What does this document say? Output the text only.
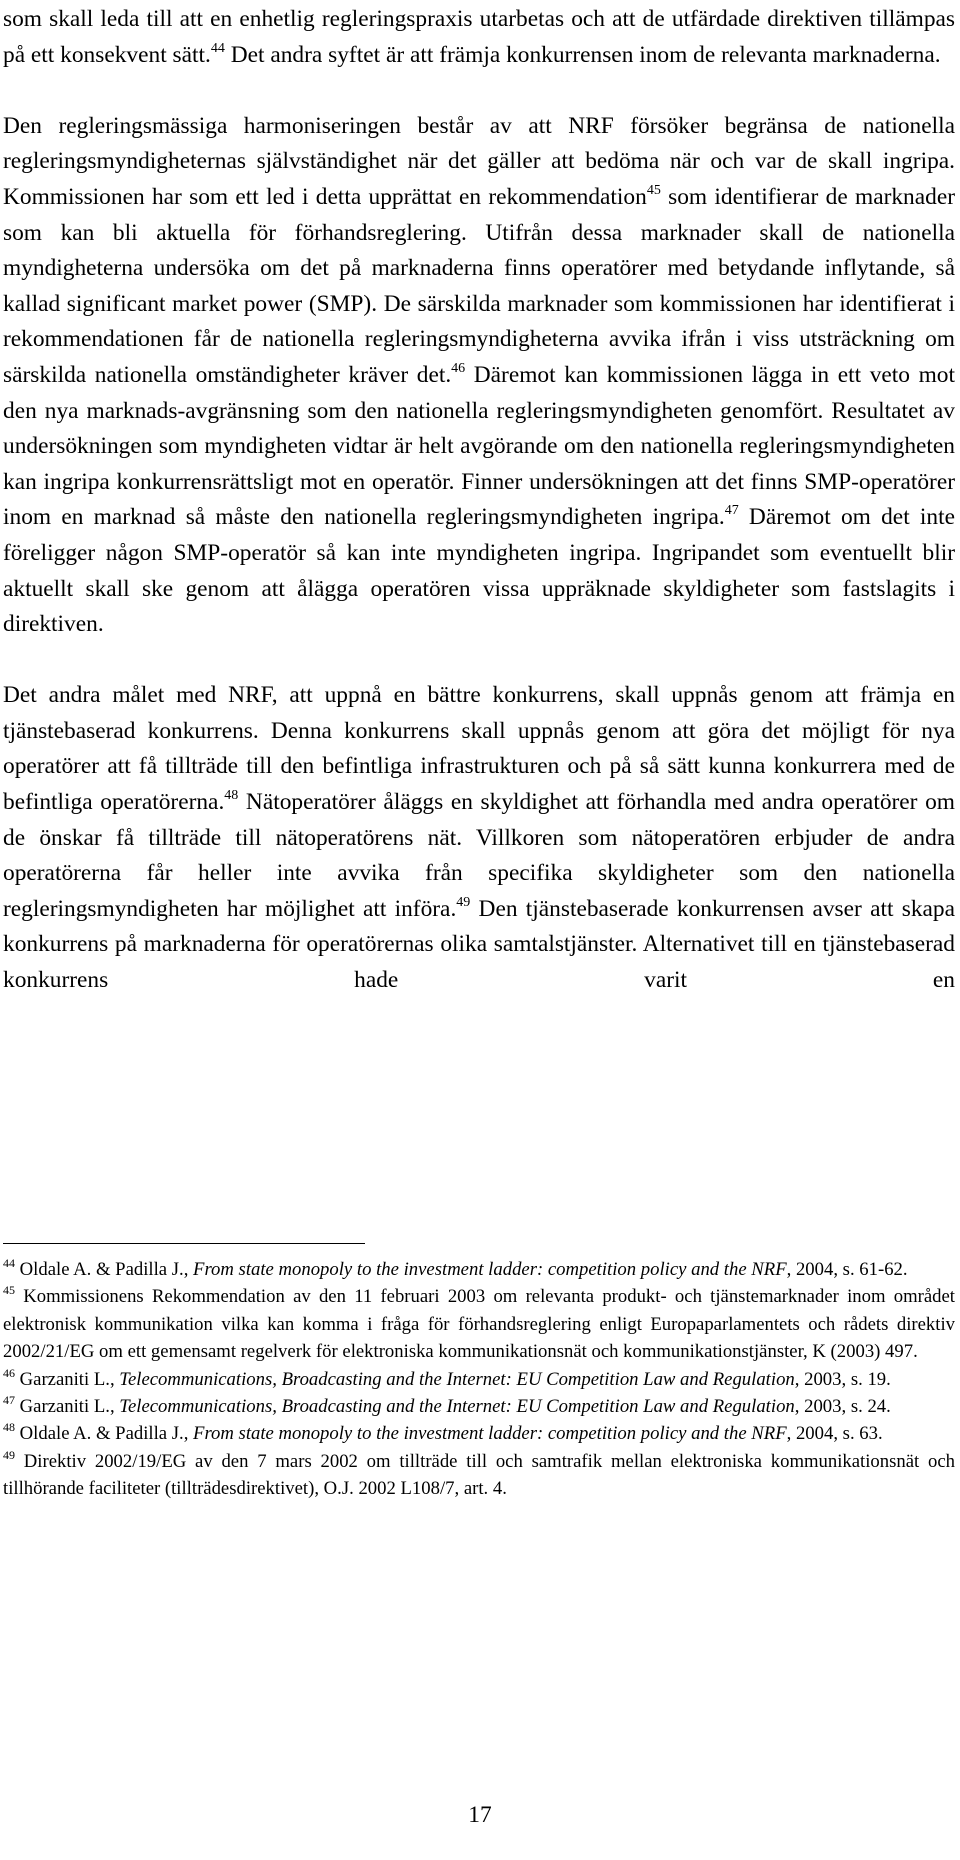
som skall leda till att en enhetlig regleringspraxis utarbetas och att de utfärdade direktiven tillämpas på ett konsekvent sätt.$^{44}$ Det andra syftet är att främja konkurrensen inom de relevanta marknaderna.

Den regleringsmässiga harmoniseringen består av att NRF försöker begränsa de nationella regleringsmyndigheternas självständighet när det gäller att bedöma när och var de skall ingripa. Kommissionen har som ett led i detta upprättat en rekommendation$^{45}$ som identifierar de marknader som kan bli aktuella för förhandsreglering. Utifrån dessa marknader skall de nationella myndigheterna undersöka om det på marknaderna finns operatörer med betydande inflytande, så kallad significant market power (SMP). De särskilda marknader som kommissionen har identifierat i rekommendationen får de nationella regleringsmyndigheterna avvika ifrån i viss utsträckning om särskilda nationella omständigheter kräver det.$^{46}$ Däremot kan kommissionen lägga in ett veto mot den nya marknads-avgränsning som den nationella regleringsmyndigheten genomfört. Resultatet av undersökningen som myndigheten vidtar är helt avgörande om den nationella regleringsmyndigheten kan ingripa konkurrensrättsligt mot en operatör. Finner undersökningen att det finns SMP-operatörer inom en marknad så måste den nationella regleringsmyndigheten ingripa.$^{47}$ Däremot om det inte föreligger någon SMP-operatör så kan inte myndigheten ingripa. Ingripandet som eventuellt blir aktuellt skall ske genom att ålägga operatören vissa uppräknade skyldigheter som fastslagits i direktiven.

Det andra målet med NRF, att uppnå en bättre konkurrens, skall uppnås genom att främja en tjänstebaserad konkurrens. Denna konkurrens skall uppnås genom att göra det möjligt för nya operatörer att få tillträde till den befintliga infrastrukturen och på så sätt kunna konkurrera med de befintliga operatörerna.$^{48}$ Nätoperatörer åläggs en skyldighet att förhandla med andra operatörer om de önskar få tillträde till nätoperatörens nät. Villkoren som nätoperatören erbjuder de andra operatörerna får heller inte avvika från specifika skyldigheter som den nationella regleringsmyndigheten har möjlighet att införa.$^{49}$ Den tjänstebaserade konkurrensen avser att skapa konkurrens på marknaderna för operatörernas olika samtalstjänster. Alternativet till en tjänstebaserad konkurrens hade varit en

$^{44}$ Oldale A. & Padilla J., From state monopoly to the investment ladder: competition policy and the NRF, 2004, s. 61-62.

$^{45}$ Kommissionens Rekommendation av den 11 februari 2003 om relevanta produkt- och tjänstemarknader inom området elektronisk kommunikation vilka kan komma i fråga för förhandsreglering enligt Europaparlamentets och rådets direktiv 2002/21/EG om ett gemensamt regelverk för elektroniska kommunikationsnät och kommunikationstjänster, K (2003) 497.

$^{46}$ Garzaniti L., Telecommunications, Broadcasting and the Internet: EU Competition Law and Regulation, 2003, s. 19.

$^{47}$ Garzaniti L., Telecommunications, Broadcasting and the Internet: EU Competition Law and Regulation, 2003, s. 24.

$^{48}$ Oldale A. & Padilla J., From state monopoly to the investment ladder: competition policy and the NRF, 2004, s. 63.

$^{49}$ Direktiv 2002/19/EG av den 7 mars 2002 om tillträde till och samtrafik mellan elektroniska kommunikationsnät och tillhörande faciliteter (tillträdesdirektivet), O.J. 2002 L108/7, art. 4.

17
